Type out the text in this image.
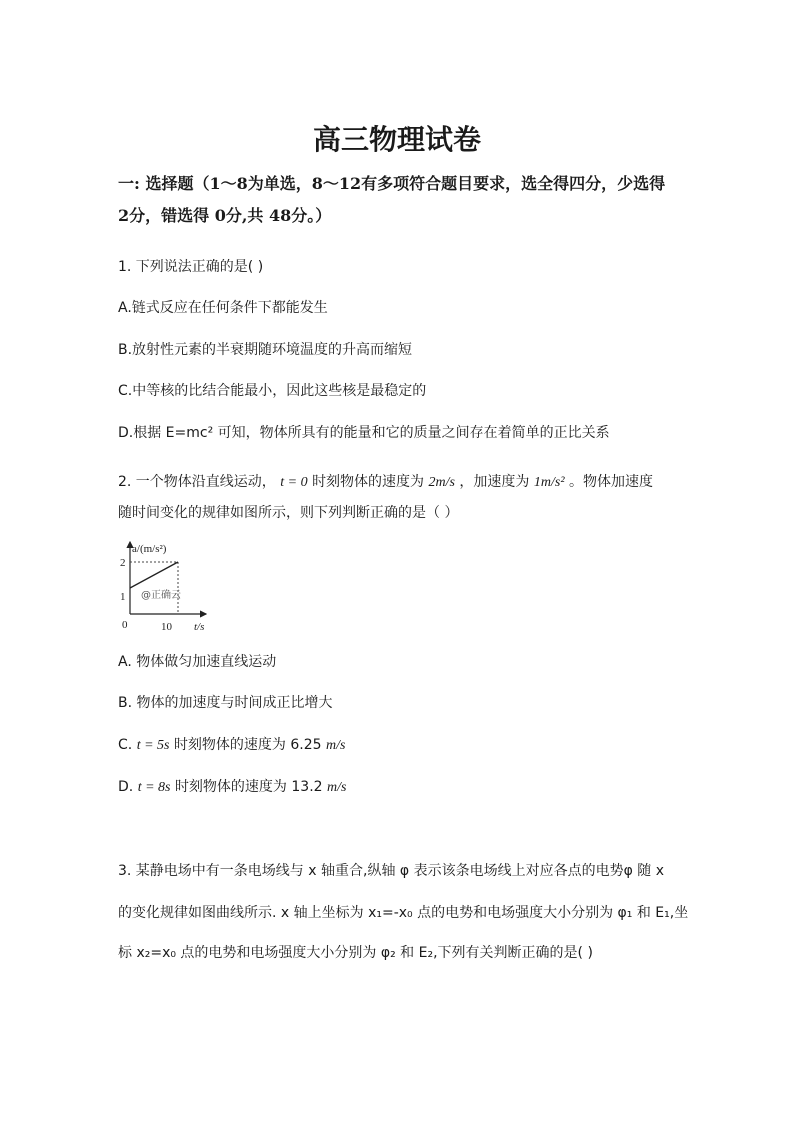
高三物理试卷
一: 选择题（1～8为单选，8～12有多项符合题目要求，选全得四分，少选得
2分，错选得 0分,共 48分。）
1. 下列说法正确的是( )
A.链式反应在任何条件下都能发生
B.放射性元素的半衰期随环境温度的升高而缩短
C.中等核的比结合能最小，因此这些核是最稳定的
D.根据 E=mc² 可知，物体所具有的能量和它的质量之间存在着简单的正比关系
2. 一个物体沿直线运动， t = 0 时刻物体的速度为 2m/s ，加速度为 1m/s² 。物体加速度
随时间变化的规律如图所示，则下列判断正确的是（ ）
a/(m/s²)
2
1
0	10 t/s
@正确云
A. 物体做匀加速直线运动
B. 物体的加速度与时间成正比增大
C. t = 5s 时刻物体的速度为 6.25 m/s
D. t = 8s 时刻物体的速度为 13.2 m/s
3. 某静电场中有一条电场线与 x 轴重合,纵轴 φ 表示该条电场线上对应各点的电势φ 随 x
的变化规律如图曲线所示. x 轴上坐标为 x₁=-x₀ 点的电势和电场强度大小分别为 φ₁ 和 E₁,坐
标 x₂=x₀ 点的电势和电场强度大小分别为 φ₂ 和 E₂,下列有关判断正确的是( )
